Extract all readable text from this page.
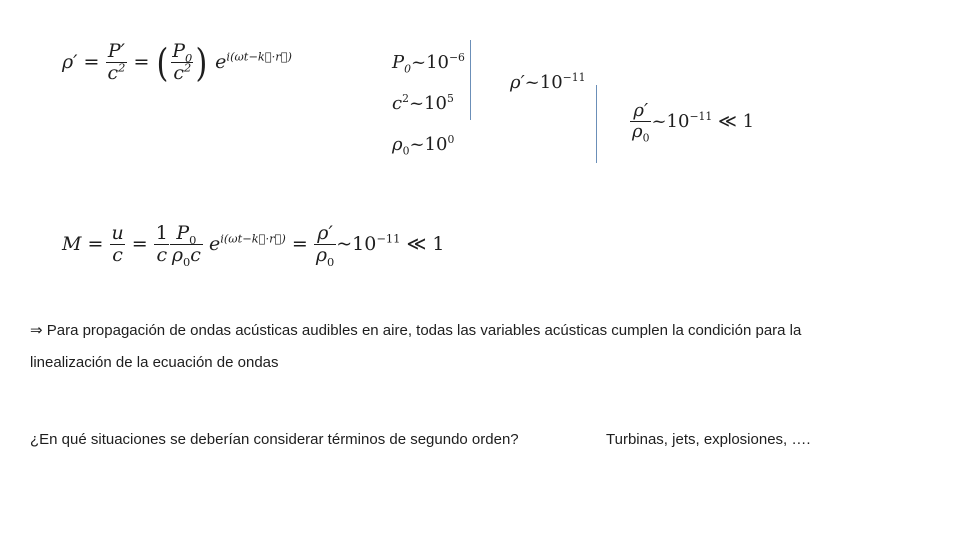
$\rho' = \frac{P'}{c^2}$ = ( $\frac{P_0}{c^2}$ ) $e^{i(\omega t-k⃗\cdot r⃗)}$	$P_0\sim 10^{-6}$
$c^2\sim 10^5$
$\rho_0\sim 10^0$
$\rho'\sim 10^{-11}$
$\frac{\rho'}{\rho_0}$ $\sim 10^{-11}$ ≪ 1
$M = \frac{u}{c} = \frac{1}{c} \frac{P_0}{\rho_0c} e^{i(\omega t-k⃗\cdot r⃗)} = \frac{\rho'}{\rho_0}$ $\sim 10^{-11}$ ≪ 1
⇒ Para propagación de ondas acústicas audibles en aire, todas las variables acústicas cumplen la condición para la
linealización de la ecuación de ondas
¿En qué situaciones se deberían considerar términos de segundo orden?	Turbinas, jets, explosiones, ….
